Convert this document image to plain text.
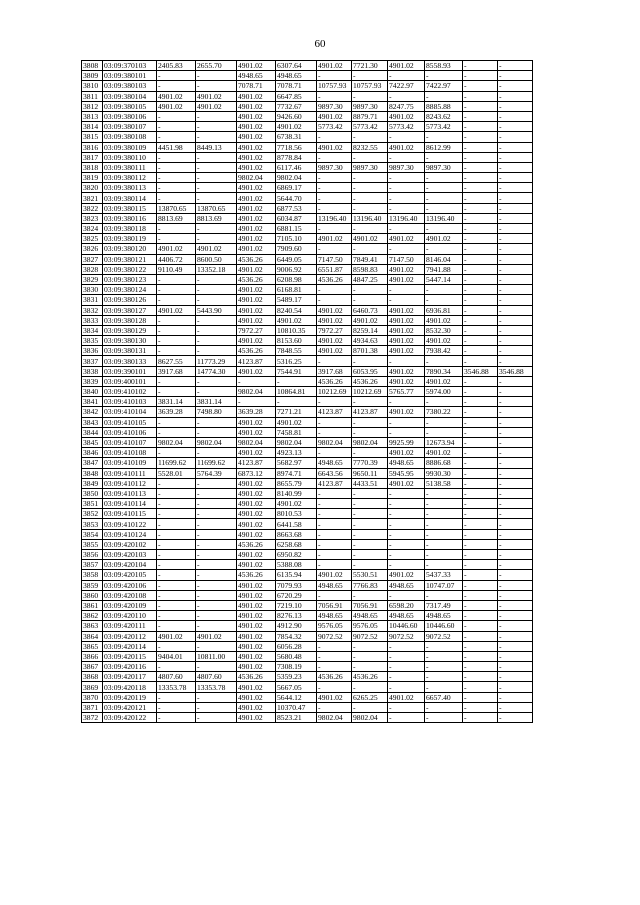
60
3808	03:09:370103	2405.83	2655.70	4901.02	6307.64	4901.02	7721.30	4901.02	8558.93	-	-
3809	03:09:380101	-	-	4948.65	4948.65	-	-	-	-	-	-
3810	03:09:380103	-	-	7078.71	7078.71	10757.93	10757.93	7422.97	7422.97	-	-
3811	03:09:380104	4901.02	4901.02	4901.02	6647.85	-	-	-	-	-	-
3812	03:09:380105	4901.02	4901.02	4901.02	7732.67	9897.30	9897.30	8247.75	8885.88	-	-
3813	03:09:380106	-	-	4901.02	9426.60	4901.02	8879.71	4901.02	8243.62	-	-
3814	03:09:380107	-	-	4901.02	4901.02	5773.42	5773.42	5773.42	5773.42	-	-
3815	03:09:380108	-	-	4901.02	6738.31	-	-	-	-	-	-
3816	03:09:380109	4451.98	8449.13	4901.02	7718.56	4901.02	8232.55	4901.02	8612.99	-	-
3817	03:09:380110	-	-	4901.02	8778.84	-	-	-	-	-	-
3818	03:09:380111	-	-	4901.02	6117.46	9897.30	9897.30	9897.30	9897.30	-	-
3819	03:09:380112	-	-	9802.04	9802.04	-	-	-	-	-	-
3820	03:09:380113	-	-	4901.02	6869.17	-	-	-	-	-	-
3821	03:09:380114	-	-	4901.02	5644.70	-	-	-	-	-	-
3822	03:09:380115	13870.65	13870.65	4901.02	6877.53	-	-	-	-	-	-
3823	03:09:380116	8813.69	8813.69	4901.02	6034.87	13196.40	13196.40	13196.40	13196.40	-	-
3824	03:09:380118	-	-	4901.02	6881.15	-	-	-	-	-	-
3825	03:09:380119	-	-	4901.02	7105.10	4901.02	4901.02	4901.02	4901.02	-	-
3826	03:09:380120	4901.02	4901.02	4901.02	7909.60	-	-	-	-	-	-
3827	03:09:380121	4406.72	8600.50	4536.26	6449.05	7147.50	7849.41	7147.50	8146.04	-	-
3828	03:09:380122	9110.49	13352.18	4901.02	9006.92	6551.87	8598.83	4901.02	7941.88	-	-
3829	03:09:380123	-	-	4536.26	6208.98	4536.26	4847.25	4901.02	5447.14	-	-
3830	03:09:380124	-	-	4901.02	6168.81	-	-	-	-	-	-
3831	03:09:380126	-	-	4901.02	5489.17	-	-	-	-	-	-
3832	03:09:380127	4901.02	5443.90	4901.02	8240.54	4901.02	6460.73	4901.02	6936.81	-	-
3833	03:09:380128	-	-	4901.02	4901.02	4901.02	4901.02	4901.02	4901.02	-	-
3834	03:09:380129	-	-	7972.27	10810.35	7972.27	8259.14	4901.02	8532.30	-	-
3835	03:09:380130	-	-	4901.02	8153.60	4901.02	4934.63	4901.02	4901.02	-	-
3836	03:09:380131	-	-	4536.26	7848.55	4901.02	8701.38	4901.02	7938.42	-	-
3837	03:09:380133	8627.55	11773.29	4123.87	5316.25	-	-	-	-	-	-
3838	03:09:390101	3917.68	14774.30	4901.02	7544.91	3917.68	6053.95	4901.02	7890.34	3546.88	3546.88
3839	03:09:400101	-	-	-	-	4536.26	4536.26	4901.02	4901.02	-	-
3840	03:09:410102	-	-	9802.04	10864.81	10212.69	10212.69	5765.77	5974.00	-	-
3841	03:09:410103	3831.14	3831.14	-	-	-	-	-	-	-	-
3842	03:09:410104	3639.28	7498.80	3639.28	7271.21	4123.87	4123.87	4901.02	7380.22	-	-
3843	03:09:410105	-	-	4901.02	4901.02	-	-	-	-	-	-
3844	03:09:410106	-	-	4901.02	7458.81	-	-	-	-	-	-
3845	03:09:410107	9802.04	9802.04	9802.04	9802.04	9802.04	9802.04	9925.99	12673.94	-	-
3846	03:09:410108	-	-	4901.02	4923.13	-	-	4901.02	4901.02	-	-
3847	03:09:410109	11699.62	11699.62	4123.87	5682.97	4948.65	7770.39	4948.65	8886.68	-	-
3848	03:09:410111	5528.01	5764.39	6873.12	8974.71	6643.56	9650.11	5945.95	9930.30	-	-
3849	03:09:410112	-	-	4901.02	8655.79	4123.87	4433.51	4901.02	5138.58	-	-
3850	03:09:410113	-	-	4901.02	8140.99	-	-	-	-	-	-
3851	03:09:410114	-	-	4901.02	4901.02	-	-	-	-	-	-
3852	03:09:410115	-	-	4901.02	8010.53	-	-	-	-	-	-
3853	03:09:410122	-	-	4901.02	6441.58	-	-	-	-	-	-
3854	03:09:410124	-	-	4901.02	8663.68	-	-	-	-	-	-
3855	03:09:420102	-	-	4536.26	6258.68	-	-	-	-	-	-
3856	03:09:420103	-	-	4901.02	6950.82	-	-	-	-	-	-
3857	03:09:420104	-	-	4901.02	5388.08	-	-	-	-	-	-
3858	03:09:420105	-	-	4536.26	6135.94	4901.02	5530.51	4901.02	5437.33	-	-
3859	03:09:420106	-	-	4901.02	7079.93	4948.65	7766.83	4948.65	10747.07	-	-
3860	03:09:420108	-	-	4901.02	6720.29	-	-	-	-	-	-
3861	03:09:420109	-	-	4901.02	7219.10	7056.91	7056.91	6598.20	7317.49	-	-
3862	03:09:420110	-	-	4901.02	8276.13	4948.65	4948.65	4948.65	4948.65	-	-
3863	03:09:420111	-	-	4901.02	4912.90	9576.05	9576.05	10446.60	10446.60	-	-
3864	03:09:420112	4901.02	4901.02	4901.02	7854.32	9072.52	9072.52	9072.52	9072.52	-	-
3865	03:09:420114	-	-	4901.02	6056.28	-	-	-	-	-	-
3866	03:09:420115	9404.01	10811.00	4901.02	5680.48	-	-	-	-	-	-
3867	03:09:420116	-	-	4901.02	7308.19	-	-	-	-	-	-
3868	03:09:420117	4807.60	4807.60	4536.26	5359.23	4536.26	4536.26	-	-	-	-
3869	03:09:420118	13353.78	13353.78	4901.02	5667.05	-	-	-	-	-	-
3870	03:09:420119	-	-	4901.02	5644.12	4901.02	6265.25	4901.02	6657.40	-	-
3871	03:09:420121	-	-	4901.02	10370.47	-	-	-	-	-	-
3872	03:09:420122	-	-	4901.02	8523.21	9802.04	9802.04	-	-	-	-
